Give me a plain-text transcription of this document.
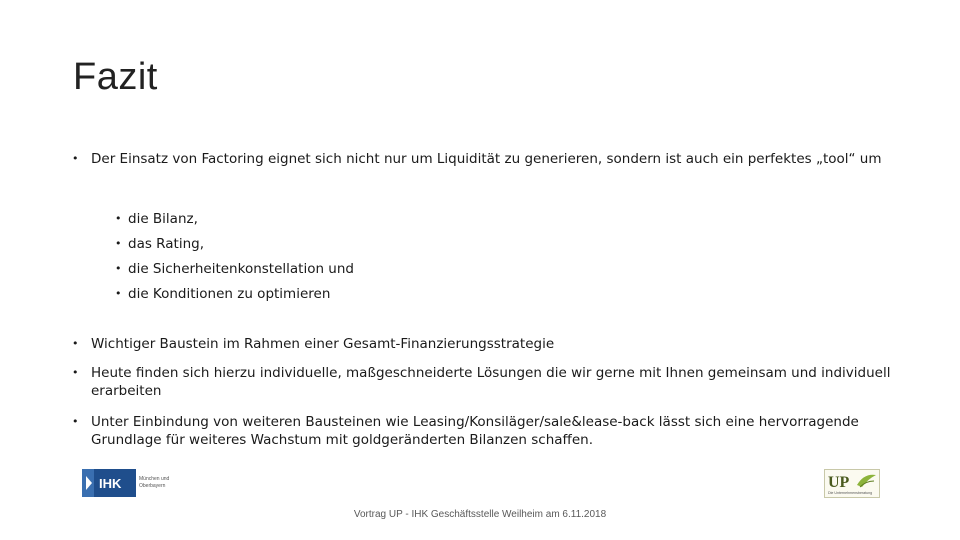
Fazit
• Der Einsatz von Factoring eignet sich nicht nur um Liquidität zu generieren, sondern ist auch ein perfektes „tool“ um
• die Bilanz,
• das Rating,
• die Sicherheitenkonstellation und
• die Konditionen zu optimieren
• Wichtiger Baustein im Rahmen einer Gesamt-Finanzierungsstrategie
• Heute finden sich hierzu individuelle, maßgeschneiderte Lösungen die wir gerne mit Ihnen gemeinsam und individuell erarbeiten
• Unter Einbindung von weiteren Bausteinen wie Leasing/Konsiläger/sale&lease-back lässt sich eine hervorragende Grundlage für weiteres Wachstum mit goldgeränderten Bilanzen schaffen.
IHK	München und
Oberbayern	UP
Die Unternehmensberatung
Vortrag UP - IHK Geschäftsstelle Weilheim am 6.11.2018
